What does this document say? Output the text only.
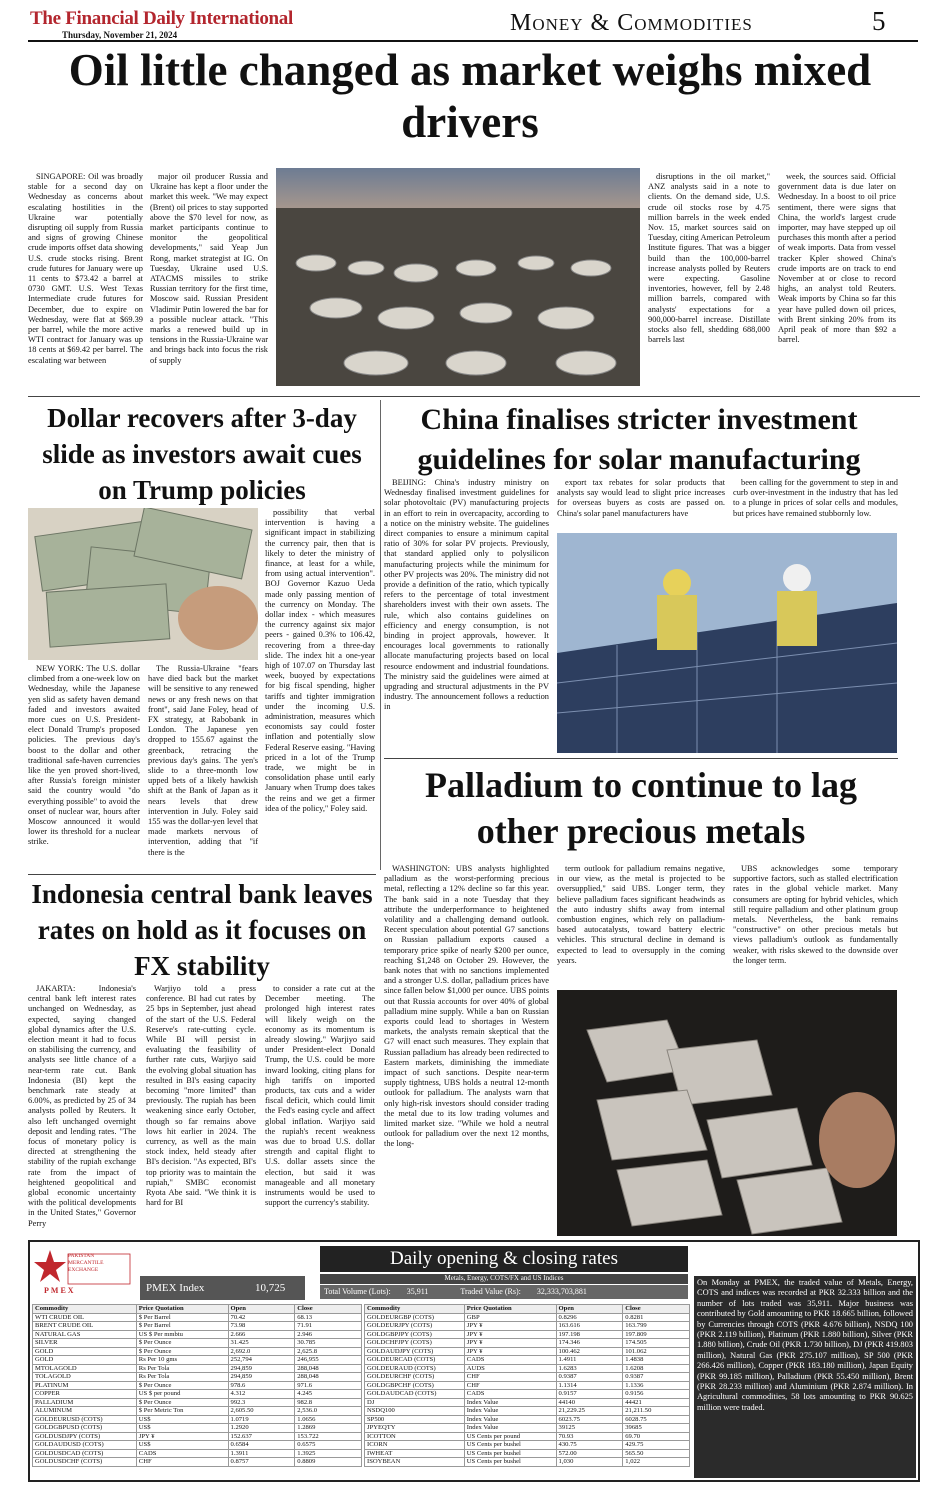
The Financial Daily International
Thursday, November 21, 2024	Money & Commodities	5
Oil little changed as market weighs mixed drivers

SINGAPORE: Oil was broadly stable for a second day on Wednesday as concerns about escalating hostilities in the Ukraine war potentially disrupting oil supply from Russia and signs of growing Chinese crude imports offset data showing U.S. crude stocks rising. Brent crude futures for January were up 11 cents to $73.42 a barrel at 0730 GMT. U.S. West Texas Intermediate crude futures for December, due to expire on Wednesday, were flat at $69.39 per barrel, while the more active WTI contract for January was up 18 cents at $69.42 per barrel. The escalating war between

major oil producer Russia and Ukraine has kept a floor under the market this week. "We may expect (Brent) oil prices to stay supported above the $70 level for now, as market participants continue to monitor the geopolitical developments," said Yeap Jun Rong, market strategist at IG. On Tuesday, Ukraine used U.S. ATACMS missiles to strike Russian territory for the first time, Moscow said. Russian President Vladimir Putin lowered the bar for a possible nuclear attack. "This marks a renewed build up in tensions in the Russia-Ukraine war and brings back into focus the risk of supply

disruptions in the oil market," ANZ analysts said in a note to clients. On the demand side, U.S. crude oil stocks rose by 4.75 million barrels in the week ended Nov. 15, market sources said on Tuesday, citing American Petroleum Institute figures. That was a bigger build than the 100,000-barrel increase analysts polled by Reuters were expecting. Gasoline inventories, however, fell by 2.48 million barrels, compared with analysts' expectations for a 900,000-barrel increase. Distillate stocks also fell, shedding 688,000 barrels last

week, the sources said. Official government data is due later on Wednesday. In a boost to oil price sentiment, there were signs that China, the world's largest crude importer, may have stepped up oil purchases this month after a period of weak imports. Data from vessel tracker Kpler showed China's crude imports are on track to end November at or close to record highs, an analyst told Reuters. Weak imports by China so far this year have pulled down oil prices, with Brent sinking 20% from its April peak of more than $92 a barrel.

Dollar recovers after 3-day slide as investors await cues on Trump policies

NEW YORK: The U.S. dollar climbed from a one-week low on Wednesday, while the Japanese yen slid as safety haven demand faded and investors awaited more cues on U.S. President-elect Donald Trump's proposed policies. The previous day's boost to the dollar and other traditional safe-haven currencies like the yen proved short-lived, after Russia's foreign minister said the country would "do everything possible" to avoid the onset of nuclear war, hours after Moscow announced it would lower its threshold for a nuclear strike.

The Russia-Ukraine "fears have died back but the market will be sensitive to any renewed news or any fresh news on that front", said Jane Foley, head of FX strategy, at Rabobank in London. The Japanese yen dropped to 155.67 against the greenback, retracing the previous day's gains. The yen's slide to a three-month low upped bets of a likely hawkish shift at the Bank of Japan as it nears levels that drew intervention in July. Foley said 155 was the dollar-yen level that made markets nervous of intervention, adding that "if there is the

possibility that verbal intervention is having a significant impact in stabilizing the currency pair, then that is likely to deter the ministry of finance, at least for a while, from using actual intervention". BOJ Governor Kazuo Ueda made only passing mention of the currency on Monday. The dollar index - which measures the currency against six major peers - gained 0.3% to 106.42, recovering from a three-day slide. The index hit a one-year high of 107.07 on Thursday last week, buoyed by expectations for big fiscal spending, higher tariffs and tighter immigration under the incoming U.S. administration, measures which economists say could foster inflation and potentially slow Federal Reserve easing. "Having priced in a lot of the Trump trade, we might be in consolidation phase until early January when Trump does takes the reins and we get a firmer idea of the policy," Foley said.

China finalises stricter investment guidelines for solar manufacturing

BEIJING: China's industry ministry on Wednesday finalised investment guidelines for solar photovoltaic (PV) manufacturing projects in an effort to rein in overcapacity, according to a notice on the ministry website. The guidelines direct companies to ensure a minimum capital ratio of 30% for solar PV projects. Previously, that standard applied only to polysilicon manufacturing projects while the minimum for other PV projects was 20%. The ministry did not provide a definition of the ratio, which typically refers to the percentage of total investment shareholders invest with their own assets. The rule, which also contains guidelines on efficiency and energy consumption, is not binding in project approvals, however. It encourages local governments to rationally allocate manufacturing projects based on local resource endowment and industrial foundations. The ministry said the guidelines were aimed at upgrading and structural adjustments in the PV industry. The announcement follows a reduction in

export tax rebates for solar products that analysts say would lead to slight price increases for overseas buyers as costs are passed on. China's solar panel manufacturers have

been calling for the government to step in and curb over-investment in the industry that has led to a plunge in prices of solar cells and modules, but prices have remained stubbornly low.

Palladium to continue to lag other precious metals

WASHINGTON: UBS analysts highlighted palladium as the worst-performing precious metal, reflecting a 12% decline so far this year. The bank said in a note Tuesday that they attribute the underperformance to heightened volatility and a challenging demand outlook. Recent speculation about potential G7 sanctions on Russian palladium exports caused a temporary price spike of nearly $200 per ounce, reaching $1,248 on October 29. However, the bank notes that with no sanctions implemented and a stronger U.S. dollar, palladium prices have since fallen below $1,000 per ounce. UBS points out that Russia accounts for over 40% of global palladium mine supply. While a ban on Russian exports could lead to shortages in Western markets, the analysts remain skeptical that the G7 will enact such measures. They explain that Russian palladium has already been redirected to Eastern markets, diminishing the immediate impact of such sanctions. Despite near-term supply tightness, UBS holds a neutral 12-month outlook for palladium. The analysts warn that only high-risk investors should consider trading the metal due to its low trading volumes and limited market size. "While we hold a neutral outlook for palladium over the next 12 months, the long-

term outlook for palladium remains negative, in our view, as the metal is projected to be oversupplied," said UBS. Longer term, they believe palladium faces significant headwinds as the auto industry shifts away from internal combustion engines, which rely on palladium-based autocatalysts, toward battery electric vehicles. This structural decline in demand is expected to lead to oversupply in the coming years.

UBS acknowledges some temporary supportive factors, such as stalled electrification rates in the global vehicle market. Many consumers are opting for hybrid vehicles, which still require palladium and other platinum group metals. Nevertheless, the bank remains "constructive" on other precious metals but views palladium's outlook as fundamentally weaker, with risks skewed to the downside over the longer term.

Indonesia central bank leaves rates on hold as it focuses on FX stability

JAKARTA: Indonesia's central bank left interest rates unchanged on Wednesday, as expected, saying changed global dynamics after the U.S. election meant it had to focus on stabilising the currency, and analysts see little chance of a near-term rate cut. Bank Indonesia (BI) kept the benchmark rate steady at 6.00%, as predicted by 25 of 34 analysts polled by Reuters. It also left unchanged overnight deposit and lending rates. "The focus of monetary policy is directed at strengthening the stability of the rupiah exchange rate from the impact of heightened geopolitical and global economic uncertainty with the political developments in the United States," Governor Perry

Warjiyo told a press conference. BI had cut rates by 25 bps in September, just ahead of the start of the U.S. Federal Reserve's rate-cutting cycle. While BI will persist in evaluating the feasibility of further rate cuts, Warjiyo said the evolving global situation has resulted in BI's easing capacity becoming "more limited" than previously. The rupiah has been weakening since early October, though so far remains above lows hit earlier in 2024. The currency, as well as the main stock index, held steady after BI's decision. "As expected, BI's top priority was to maintain the rupiah," SMBC economist Ryota Abe said. "We think it is hard for BI

to consider a rate cut at the December meeting. The prolonged high interest rates will likely weigh on the economy as its momentum is already slowing." Warjiyo said under President-elect Donald Trump, the U.S. could be more inward looking, citing plans for high tariffs on imported products, tax cuts and a wider fiscal deficit, which could limit the Fed's easing cycle and affect global inflation. Warjiyo said the rupiah's recent weakness was due to broad U.S. dollar strength and capital flight to U.S. dollar assets since the election, but said it was manageable and all monetary instruments would be used to support the currency's stability.

PAKISTAN MERCANTILE EXCHANGE
PMEX
Daily opening & closing rates
Metals, Energy, COTS/FX and US Indices
PMEX Index	10,725	Total Volume (Lots): 35,911	Traded Value (Rs): 32,333,703,881
Commodity	Price Quotation	Open	Close
WTI CRUDE OIL	$ Per Barrel	70.42	68.13
BRENT CRUDE OIL	$ Per Barrel	73.98	71.91
NATURAL GAS	US $ Per mmbtu	2.666	2.946
SILVER	$ Per Ounce	31.425	30.785
GOLD	$ Per Ounce	2,692.0	2,625.8
GOLD	Rs Per 10 gms	252,794	246,955
MTOLAGOLD	Rs Per Tola	294,859	288,048
TOLAGOLD	Rs Per Tola	294,859	288,048
PLATINUM	$ Per Ounce	978.6	971.6
COPPER	US $ per pound	4.312	4.245
PALLADIUM	$ Per Ounce	992.3	982.8
ALUMINUM	$ Per Metric Ton	2,605.50	2,536.0
GOLDEURUSD (COTS)	US$	1.0719	1.0656
GOLDGBPUSD (COTS)	US$	1.2920	1.2869
GOLDUSDJPY (COTS)	JPY ¥	152.637	153.722
GOLDAUDUSD (COTS)	US$	0.6584	0.6575
GOLDUSDCAD (COTS)	CADS	1.3911	1.3925
GOLDUSDCHF (COTS)	CHF	0.8757	0.8809
Commodity	Price Quotation	Open	Close
GOLDEURGBP (COTS)	GBP	0.8296	0.8281
GOLDEURJPY (COTS)	JPY ¥	163.616	163.799
GOLDGBPJPY (COTS)	JPY ¥	197.198	197.809
GOLDCHFJPY (COTS)	JPY ¥	174.346	174.505
GOLDAUDJPY (COTS)	JPY ¥	100.462	101.062
GOLDEURCAD (COTS)	CADS	1.4911	1.4838
GOLDEURAUD (COTS)	AUDS	1.6283	1.6208
GOLDEURCHF (COTS)	CHF	0.9387	0.9387
GOLDGBPCHF (COTS)	CHF	1.1314	1.1336
GOLDAUDCAD (COTS)	CADS	0.9157	0.9156
DJ	Index Value	44140	44421
NSDQ100	Index Value	21,229.25	21,211.50
SP500	Index Value	6023.75	6028.75
JPYEQTY	Index Value	39125	39685
ICOTTON	US Cents per pound	70.93	69.70
ICORN	US Cents per bushel	430.75	429.75
IWHEAT	US Cents per bushel	572.00	565.50
ISOYBEAN	US Cents per bushel	1,030	1,022
On Monday at PMEX, the traded value of Metals, Energy, COTS and indices was recorded at PKR 32.333 billion and the number of lots traded was 35,911. Major business was contributed by Gold amounting to PKR 18.665 billion, followed by Currencies through COTS (PKR 4.676 billion), NSDQ 100 (PKR 2.119 billion), Platinum (PKR 1.880 billion), Silver (PKR 1.880 billion), Crude Oil (PKR 1.730 billion), DJ (PKR 419.803 million), Natural Gas (PKR 275.107 million), SP 500 (PKR 266.426 million), Copper (PKR 183.180 million), Japan Equity (PKR 99.185 million), Palladium (PKR 55.450 million), Brent (PKR 28.233 million) and Aluminium (PKR 2.874 million). In Agricultural commodities, 58 lots amounting to PKR 90.625 million were traded.
